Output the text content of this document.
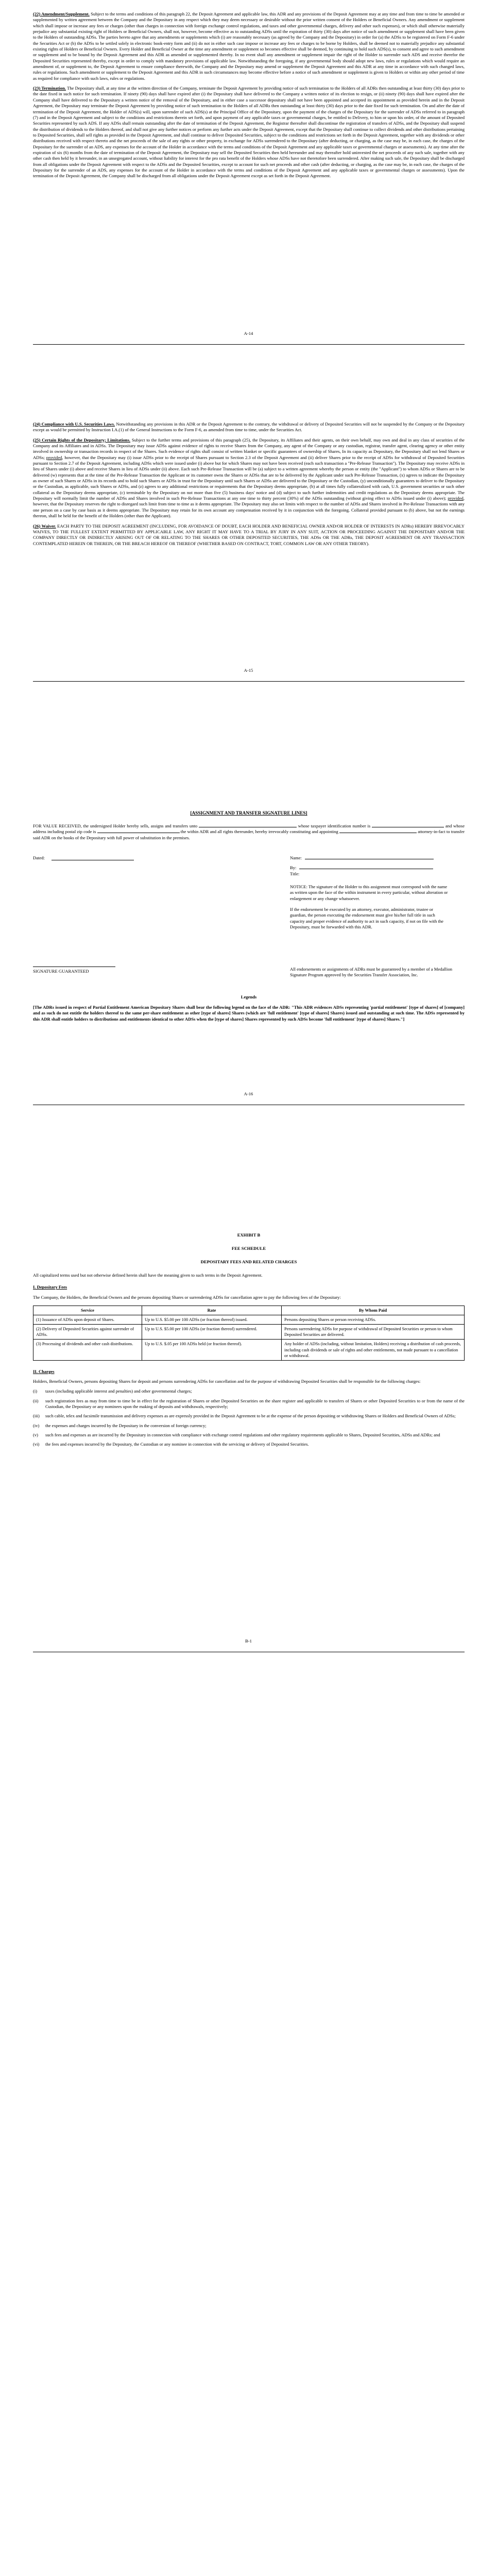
(22) Amendment/Supplement. Subject to the terms and conditions of this paragraph 22, the Deposit Agreement and applicable law, this ADR and any provisions of the Deposit Agreement may at any time and from time to time be amended or supplemented by written agreement between the Company and the Depositary in any respect which they may deem necessary or desirable without the prior written consent of the Holders or Beneficial Owners. Any amendment or supplement which shall impose or increase any fees or charges (other than charges in connection with foreign exchange control regulations, and taxes and other governmental charges, delivery and other such expenses), or which shall otherwise materially prejudice any substantial existing right of Holders or Beneficial Owners, shall not, however, become effective as to outstanding ADSs until the expiration of thirty (30) days after notice of such amendment or supplement shall have been given to the Holders of outstanding ADSs. The parties hereto agree that any amendments or supplements which (i) are reasonably necessary (as agreed by the Company and the Depositary) in order for (a) the ADSs to be registered on Form F-6 under the Securities Act or (b) the ADSs to be settled solely in electronic book-entry form and (ii) do not in either such case impose or increase any fees or charges to be borne by Holders, shall be deemed not to materially prejudice any substantial existing rights of Holders or Beneficial Owners. Every Holder and Beneficial Owner at the time any amendment or supplement so becomes effective shall be deemed, by continuing to hold such ADS(s), to consent and agree to such amendment or supplement and to be bound by the Deposit Agreement and this ADR as amended or supplemented thereby. In no event shall any amendment or supplement impair the right of the Holder to surrender such ADS and receive therefor the Deposited Securities represented thereby, except in order to comply with mandatory provisions of applicable law. Notwithstanding the foregoing, if any governmental body should adopt new laws, rules or regulations which would require an amendment of, or supplement to, the Deposit Agreement to ensure compliance therewith, the Company and the Depositary may amend or supplement the Deposit Agreement and this ADR at any time in accordance with such changed laws, rules or regulations. Such amendment or supplement to the Deposit Agreement and this ADR in such circumstances may become effective before a notice of such amendment or supplement is given to Holders or within any other period of time as required for compliance with such laws, rules or regulations.

(23) Termination. The Depositary shall, at any time at the written direction of the Company, terminate the Deposit Agreement by providing notice of such termination to the Holders of all ADRs then outstanding at least thirty (30) days prior to the date fixed in such notice for such termination. If ninety (90) days shall have expired after (i) the Depositary shall have delivered to the Company a written notice of its election to resign, or (ii) ninety (90) days shall have expired after the Company shall have delivered to the Depositary a written notice of the removal of the Depositary, and in either case a successor depositary shall not have been appointed and accepted its appointment as provided herein and in the Deposit Agreement, the Depositary may terminate the Deposit Agreement by providing notice of such termination to the Holders of all ADRs then outstanding at least thirty (30) days prior to the date fixed for such termination. On and after the date of termination of the Deposit Agreement, the Holder of ADS(s) will, upon surrender of such ADS(s) at the Principal Office of the Depositary, upon the payment of the charges of the Depositary for the surrender of ADSs referred to in paragraph (7) and in the Deposit Agreement and subject to the conditions and restrictions therein set forth, and upon payment of any applicable taxes or governmental charges, be entitled to Delivery, to him or upon his order, of the amount of Deposited Securities represented by such ADS. If any ADSs shall remain outstanding after the date of termination of the Deposit Agreement, the Registrar thereafter shall discontinue the registration of transfers of ADSs, and the Depositary shall suspend the distribution of dividends to the Holders thereof, and shall not give any further notices or perform any further acts under the Deposit Agreement, except that the Depositary shall continue to collect dividends and other distributions pertaining to Deposited Securities, shall sell rights as provided in the Deposit Agreement, and shall continue to deliver Deposited Securities, subject to the conditions and restrictions set forth in the Deposit Agreement, together with any dividends or other distributions received with respect thereto and the net proceeds of the sale of any rights or other property, in exchange for ADSs surrendered to the Depositary (after deducting, or charging, as the case may be, in each case, the charges of the Depositary for the surrender of an ADS, any expenses for the account of the Holder in accordance with the terms and conditions of the Deposit Agreement and any applicable taxes or governmental charges or assessments). At any time after the expiration of six (6) months from the date of termination of the Deposit Agreement, the Depositary may sell the Deposited Securities then held hereunder and may thereafter hold uninvested the net proceeds of any such sale, together with any other cash then held by it hereunder, in an unsegregated account, without liability for interest for the pro rata benefit of the Holders whose ADSs have not theretofore been surrendered. After making such sale, the Depositary shall be discharged from all obligations under the Deposit Agreement with respect to the ADSs and the Deposited Securities, except to account for such net proceeds and other cash (after deducting, or charging, as the case may be, in each case, the charges of the Depositary for the surrender of an ADS, any expenses for the account of the Holder in accordance with the terms and conditions of the Deposit Agreement and any applicable taxes or governmental charges or assessments). Upon the termination of the Deposit Agreement, the Company shall be discharged from all obligations under the Deposit Agreement except as set forth in the Deposit Agreement.

A-14

(24) Compliance with U.S. Securities Laws. Notwithstanding any provisions in this ADR or the Deposit Agreement to the contrary, the withdrawal or delivery of Deposited Securities will not be suspended by the Company or the Depositary except as would be permitted by Instruction I.A.(1) of the General Instructions to the Form F-6, as amended from time to time, under the Securities Act.

(25) Certain Rights of the Depositary; Limitations. Subject to the further terms and provisions of this paragraph (25), the Depositary, its Affiliates and their agents, on their own behalf, may own and deal in any class of securities of the Company and its Affiliates and in ADSs. The Depositary may issue ADSs against evidence of rights to receive Shares from the Company, any agent of the Company or any custodian, registrar, transfer agent, clearing agency or other entity involved in ownership or transaction records in respect of the Shares. Such evidence of rights shall consist of written blanket or specific guarantees of ownership of Shares, In its capacity as Depositary, the Depositary shall not lend Shares or ADSs; provided, however, that the Depositary may (i) issue ADSs prior to the receipt of Shares pursuant to Section 2.3 of the Deposit Agreement and (ii) deliver Shares prior to the receipt of ADSs for withdrawal of Deposited Securities pursuant to Section 2.7 of the Deposit Agreement, including ADSs which were issued under (i) above but for which Shares may not have been received (each such transaction a "Pre-Release Transaction"). The Depositary may receive ADSs in lieu of Shares under (i) above and receive Shares in lieu of ADSs under (ii) above. Each such Pre-Release Transaction will be (a) subject to a written agreement whereby the person or entity (the "Applicant") to whom ADSs or Shares are to be delivered (w) represents that at the time of the Pre-Release Transaction the Applicant or its customer owns the Shares or ADSs that are to be delivered by the Applicant under such Pre-Release Transaction, (x) agrees to indicate the Depositary as owner of such Shares or ADSs in its records and to hold such Shares or ADSs in trust for the Depositary until such Shares or ADSs are delivered to the Depositary or the Custodian, (y) unconditionally guarantees to deliver to the Depositary or the Custodian, as applicable, such Shares or ADSs, and (z) agrees to any additional restrictions or requirements that the Depositary deems appropriate, (b) at all times fully collateralized with cash, U.S. government securities or such other collateral as the Depositary deems appropriate, (c) terminable by the Depositary on not more than five (5) business days' notice and (d) subject to such further indemnities and credit regulations as the Depositary deems appropriate. The Depositary will normally limit the number of ADSs and Shares involved in such Pre-Release Transactions at any one time to thirty percent (30%) of the ADSs outstanding (without giving effect to ADSs issued under (i) above); provided, however, that the Depositary reserves the right to disregard such limit from time to time as it deems appropriate. The Depositary may also set limits with respect to the number of ADSs and Shares involved in Pre-Release Transactions with any one person on a case by case basis as it deems appropriate. The Depositary may retain for its own account any compensation received by it in conjunction with the foregoing. Collateral provided pursuant to (b) above, but not the earnings thereon, shall be held for the benefit of the Holders (other than the Applicant).

(26) Waiver. EACH PARTY TO THE DEPOSIT AGREEMENT (INCLUDING, FOR AVOIDANCE OF DOUBT, EACH HOLDER AND BENEFICIAL OWNER AND/OR HOLDER OF INTERESTS IN ADRs) HEREBY IRREVOCABLY WAIVES, TO THE FULLEST EXTENT PERMITTED BY APPLICABLE LAW, ANY RIGHT IT MAY HAVE TO A TRIAL BY JURY IN ANY SUIT, ACTION OR PROCEEDING AGAINST THE DEPOSITARY AND/OR THE COMPANY DIRECTLY OR INDIRECTLY ARISING OUT OF OR RELATING TO THE SHARES OR OTHER DEPOSITED SECURITIES, THE ADSs OR THE ADRs, THE DEPOSIT AGREEMENT OR ANY TRANSACTION CONTEMPLATED HEREIN OR THEREIN, OR THE BREACH HEREOF OR THEREOF (WHETHER BASED ON CONTRACT, TORT, COMMON LAW OR ANY OTHER THEORY).

A-15
[ASSIGNMENT AND TRANSFER SIGNATURE LINES]

FOR VALUE RECEIVED, the undersigned Holder hereby sells, assigns and transfers unto	whose taxpayer identification number is	and whose address including postal zip code is	the within ADR and all rights thereunder, hereby irrevocably constituting and appointing	attorney-in-fact to transfer said ADR on the books of the Depositary with full power of substitution in the premises.

Dated:	Name:
By:
Title:

NOTICE: The signature of the Holder to this assignment must correspond with the name as written upon the face of the within instrument in every particular, without alteration or enlargement or any change whatsoever.

If the endorsement be executed by an attorney, executor, administrator, trustee or guardian, the person executing the endorsement must give his/her full title in such capacity and proper evidence of authority to act in such capacity, if not on file with the Depositary, must be forwarded with this ADR.

SIGNATURE GUARANTEED	All endorsements or assignments of ADRs must be guaranteed by a member of a Medallion Signature Program approved by the Securities Transfer Association, Inc.
Legends
[The ADRs issued in respect of Partial Entitlement American Depositary Shares shall bear the following legend on the face of the ADR: "This ADR evidences ADSs representing 'partial entitlement' [type of shares] of [company] and as such do not entitle the holders thereof to the same per-share entitlement as other [type of shares] Shares (which are 'full entitlement' [type of shares] Shares) issued and outstanding at such time. The ADSs represented by this ADR shall entitle holders to distributions and entitlements identical to other ADSs when the [type of shares] Shares represented by such ADSs become 'full entitlement' [type of shares] Shares."]
A-16
EXHIBIT B
FEE SCHEDULE
DEPOSITARY FEES AND RELATED CHARGES

All capitalized terms used but not otherwise defined herein shall have the meaning given to such terms in the Deposit Agreement.

I. Depositary Fees

The Company, the Holders, the Beneficial Owners and the persons depositing Shares or surrendering ADSs for cancellation agree to pay the following fees of the Depositary:

Service	Rate	By Whom Paid
(1) Issuance of ADSs upon deposit of Shares.	Up to U.S. $5.00 per 100 ADSs (or fraction thereof) issued.	Persons depositing Shares or person receiving ADSs.
(2) Delivery of Deposited Securities against surrender of ADSs.	Up to U.S. $5.00 per 100 ADSs (or fraction thereof) surrendered.	Persons surrendering ADSs for purpose of withdrawal of Deposited Securities or person to whom Deposited Securities are delivered.
(3) Processing of dividends and other cash distributions.	Up to U.S. $.05 per 100 ADSs held (or fraction thereof).	Any holder of ADSs (including, without limitation, Holders) receiving a distribution of cash proceeds, including cash dividends or sale of rights and other entitlements, not made pursuant to a cancellation or withdrawal.

II. Charges

Holders, Beneficial Owners, persons depositing Shares for deposit and persons surrendering ADSs for cancellation and for the purpose of withdrawing Deposited Securities shall be responsible for the following charges:

(i)	taxes (including applicable interest and penalties) and other governmental charges;
(ii)	such registration fees as may from time to time be in effect for the registration of Shares or other Deposited Securities on the share register and applicable to transfers of Shares or other Deposited Securities to or from the name of the Custodian, the Depositary or any nominees upon the making of deposits and withdrawals, respectively;
(iii)	such cable, telex and facsimile transmission and delivery expenses as are expressly provided in the Deposit Agreement to be at the expense of the person depositing or withdrawing Shares or Holders and Beneficial Owners of ADSs;
(iv)	the expenses and charges incurred by the Depositary in the conversion of foreign currency;
(v)	such fees and expenses as are incurred by the Depositary in connection with compliance with exchange control regulations and other regulatory requirements applicable to Shares, Deposited Securities, ADSs and ADRs; and
(vi)	the fees and expenses incurred by the Depositary, the Custodian or any nominee in connection with the servicing or delivery of Deposited Securities.
B-1
